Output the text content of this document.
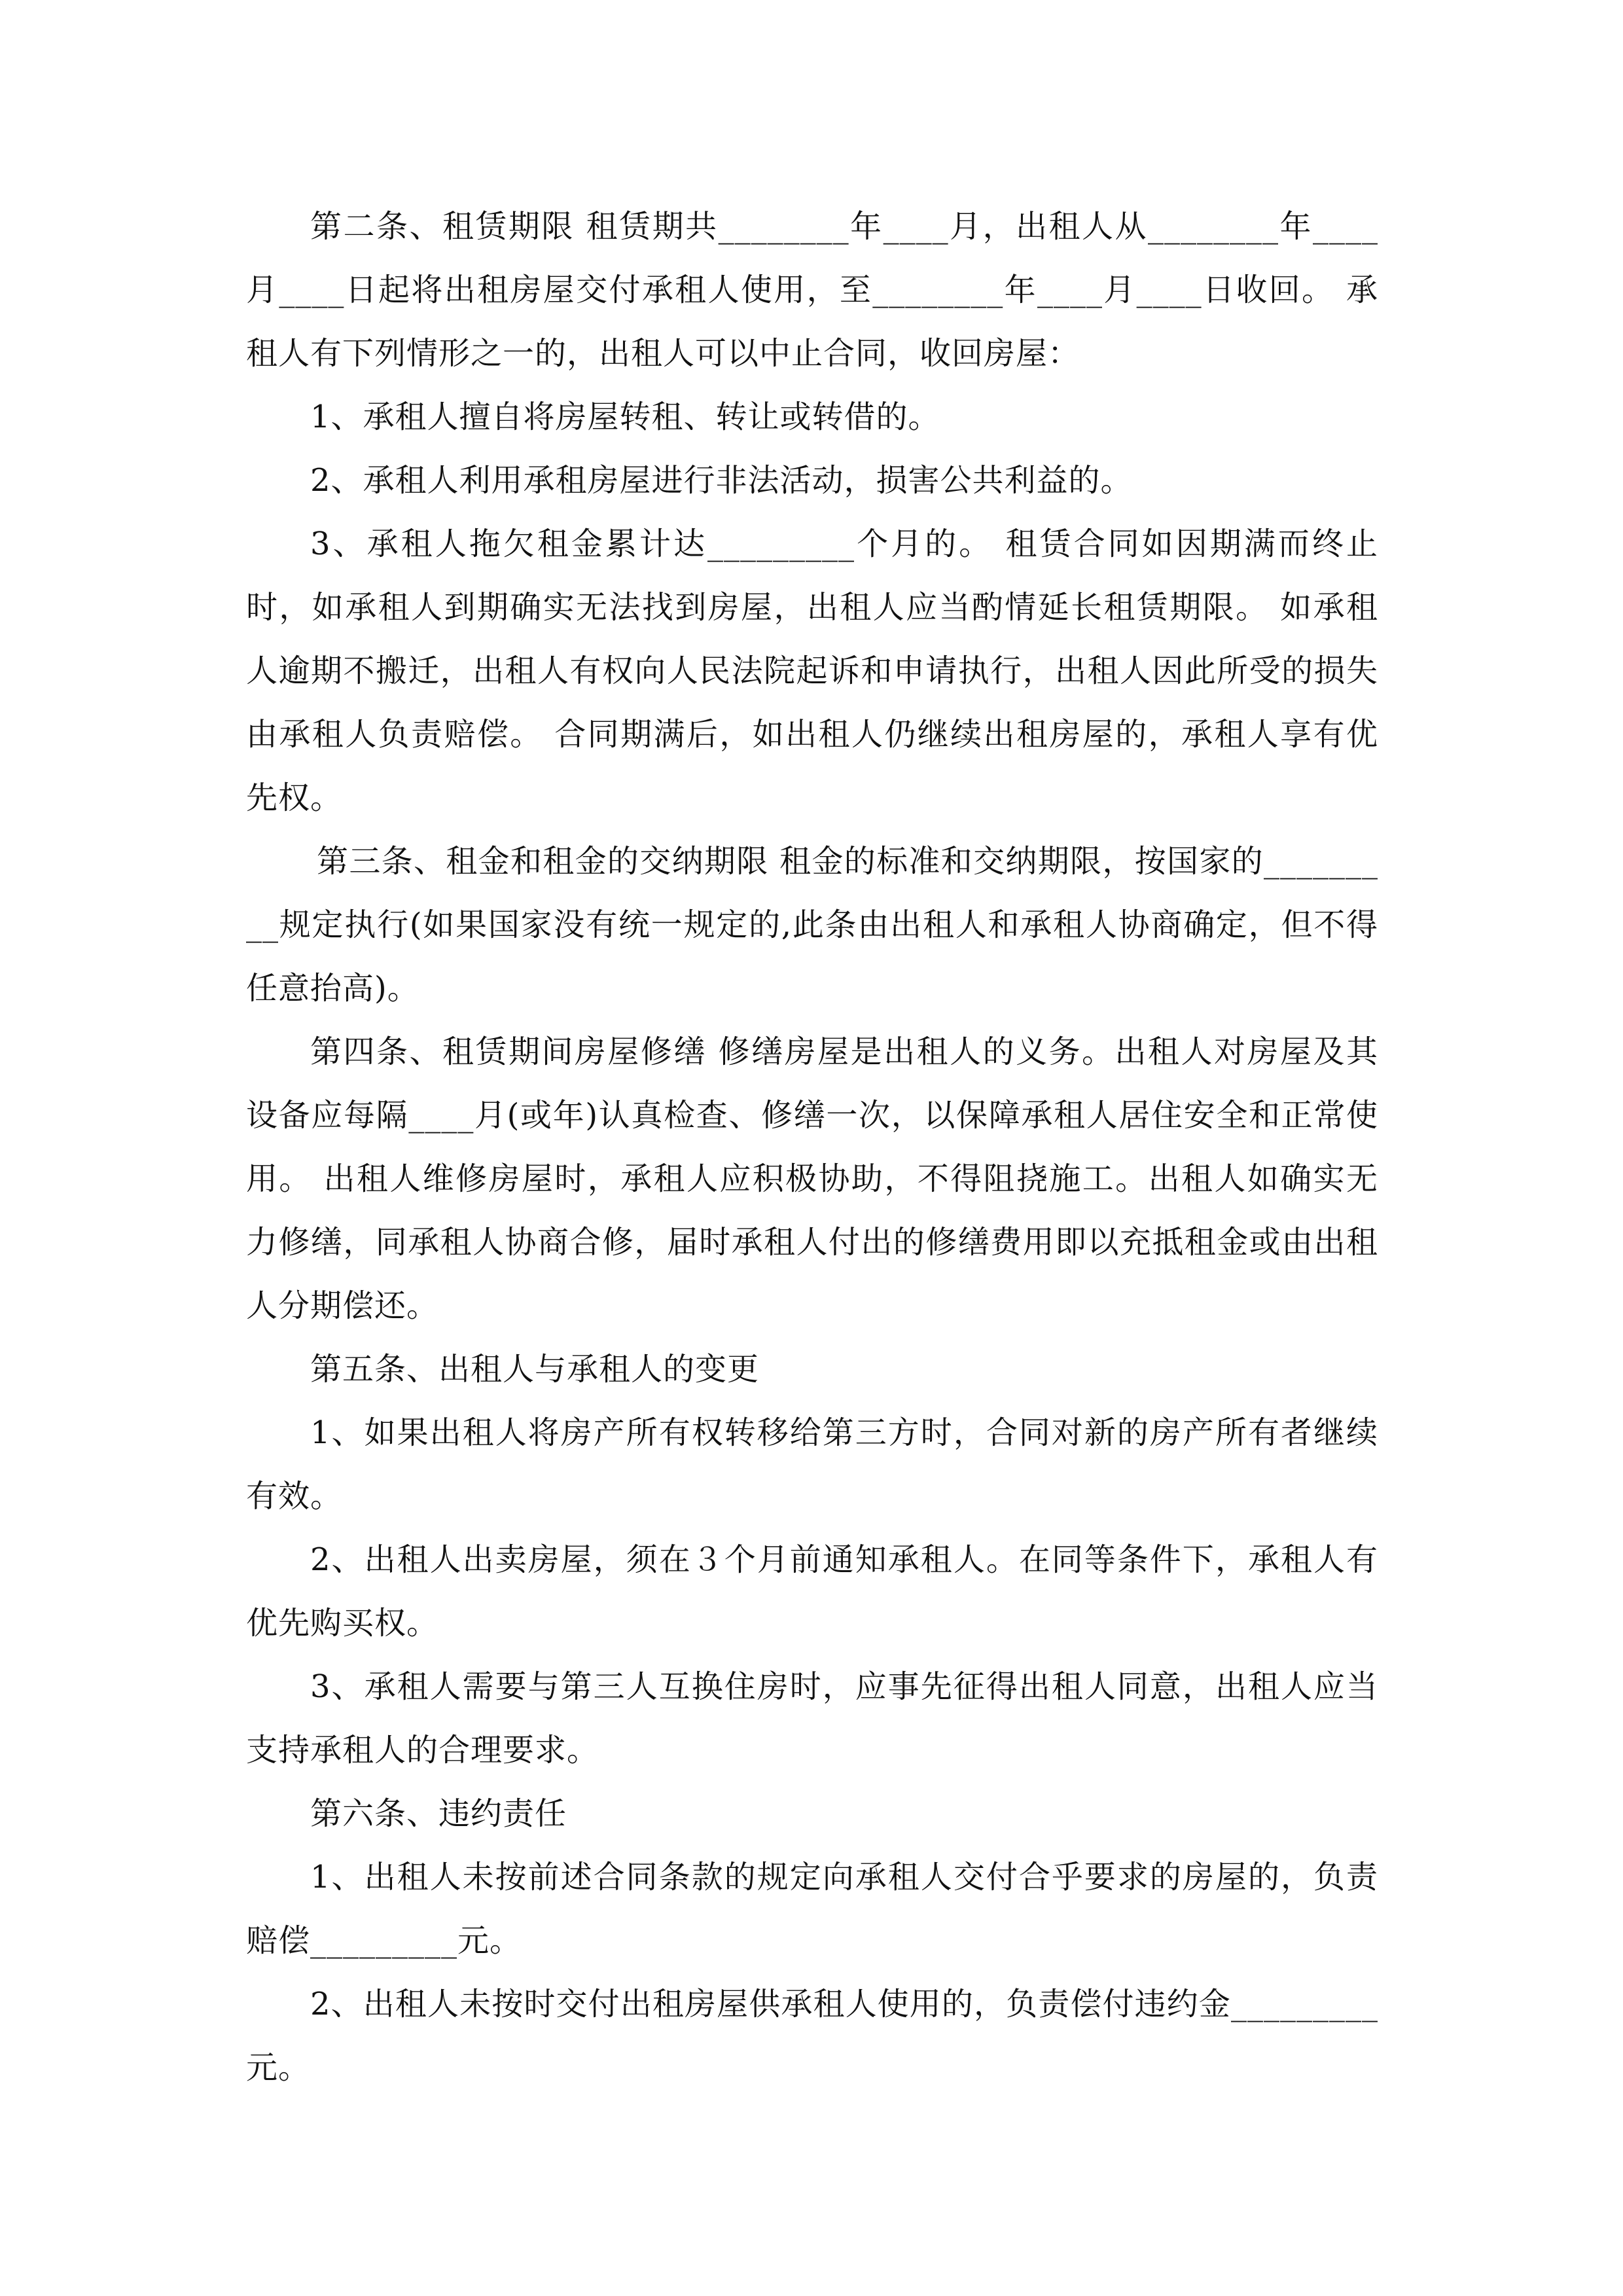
第二条、租赁期限 租赁期共________年____月，出租人从________年____月____日起将出租房屋交付承租人使用，至________年____月____日收回。 承租人有下列情形之一的，出租人可以中止合同，收回房屋：

1、承租人擅自将房屋转租、转让或转借的。

2、承租人利用承租房屋进行非法活动，损害公共利益的。

3、承租人拖欠租金累计达_________个月的。 租赁合同如因期满而终止时，如承租人到期确实无法找到房屋，出租人应当酌情延长租赁期限。 如承租人逾期不搬迁，出租人有权向人民法院起诉和申请执行，出租人因此所受的损失由承租人负责赔偿。 合同期满后，如出租人仍继续出租房屋的，承租人享有优先权。

第三条、租金和租金的交纳期限 租金的标准和交纳期限，按国家的_________规定执行(如果国家没有统一规定的,此条由出租人和承租人协商确定，但不得任意抬高)。

第四条、租赁期间房屋修缮 修缮房屋是出租人的义务。出租人对房屋及其设备应每隔____月(或年)认真检查、修缮一次，以保障承租人居住安全和正常使用。 出租人维修房屋时，承租人应积极协助，不得阻挠施工。出租人如确实无力修缮，同承租人协商合修，届时承租人付出的修缮费用即以充抵租金或由出租人分期偿还。

第五条、出租人与承租人的变更

1、如果出租人将房产所有权转移给第三方时，合同对新的房产所有者继续有效。

2、出租人出卖房屋，须在３个月前通知承租人。在同等条件下，承租人有优先购买权。

3、承租人需要与第三人互换住房时，应事先征得出租人同意，出租人应当支持承租人的合理要求。

第六条、违约责任

1、出租人未按前述合同条款的规定向承租人交付合乎要求的房屋的，负责赔偿_________元。

2、出租人未按时交付出租房屋供承租人使用的，负责偿付违约金_________元。
